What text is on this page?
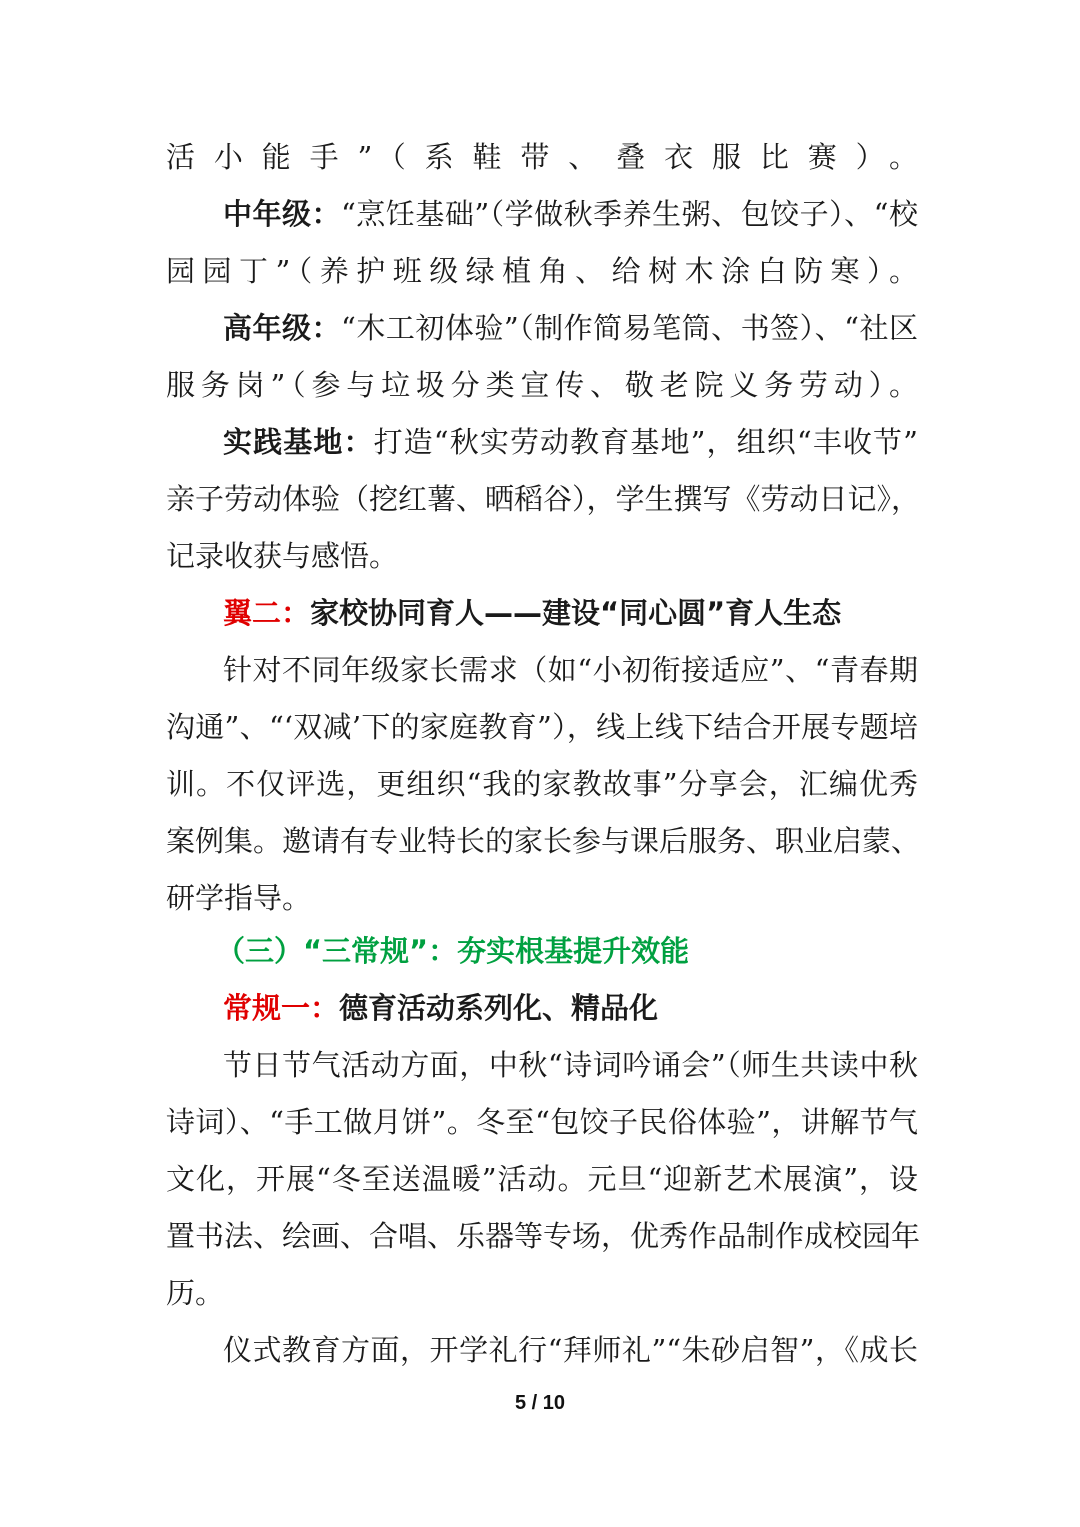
活小能手”（系鞋带、叠衣服比赛）。
中年级：“烹饪基础”（学做秋季养生粥、包饺子）、“校
园园丁”（养护班级绿植角、给树木涂白防寒）。
高年级：“木工初体验”（制作简易笔筒、书签）、“社区
服务岗”（参与垃圾分类宣传、敬老院义务劳动）。
实践基地：打造“秋实劳动教育基地”，组织“丰收节”
亲子劳动体验（挖红薯、晒稻谷），学生撰写《劳动日记》，
记录收获与感悟。
翼二：家校协同育人——建设“同心圆”育人生态
针对不同年级家长需求（如“小初衔接适应”、“青春期
沟通”、“‘双减’下的家庭教育”），线上线下结合开展专题培
训。不仅评选，更组织“我的家教故事”分享会，汇编优秀
案例集。邀请有专业特长的家长参与课后服务、职业启蒙、
研学指导。
（三）“三常规”：夯实根基提升效能
常规一：德育活动系列化、精品化
节日节气活动方面，中秋“诗词吟诵会”（师生共读中秋
诗词）、“手工做月饼”。冬至“包饺子民俗体验”，讲解节气
文化，开展“冬至送温暖”活动。元旦“迎新艺术展演”，设
置书法、绘画、合唱、乐器等专场，优秀作品制作成校园年
历。
仪式教育方面，开学礼行“拜师礼”“朱砂启智”，《成长
5 / 10
